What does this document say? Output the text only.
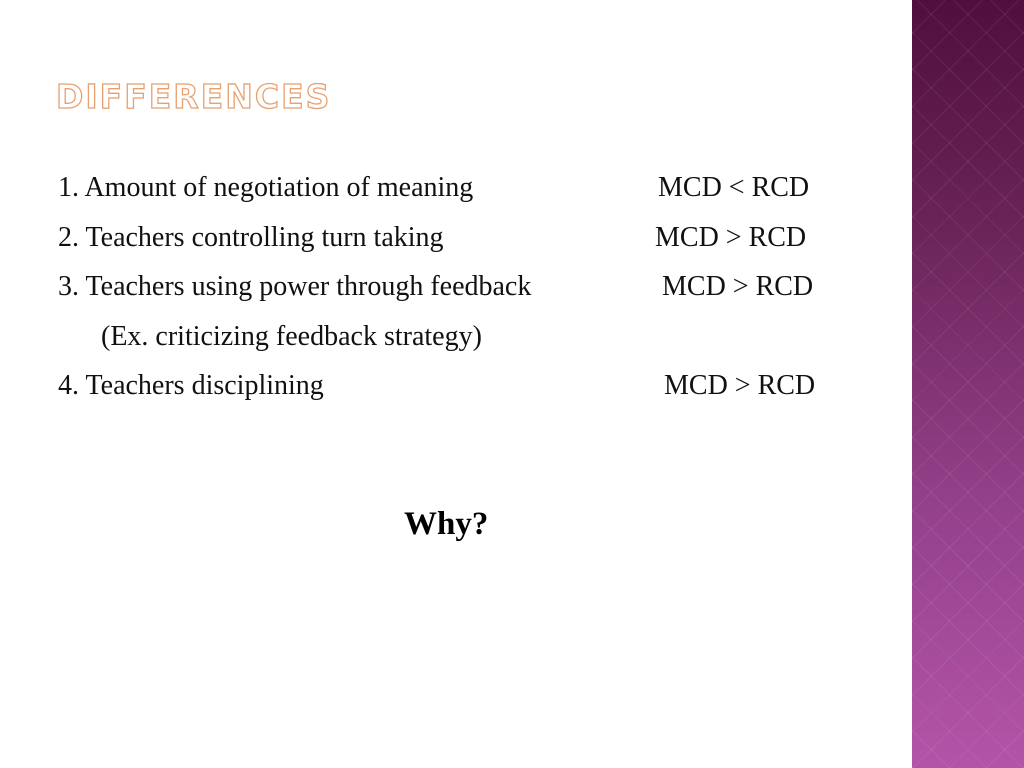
DIFFERENCES
1. Amount of negotiation of meaning	MCD < RCD
2. Teachers controlling turn taking	MCD > RCD
3. Teachers using power through feedback	MCD > RCD
(Ex. criticizing feedback strategy)
4. Teachers disciplining	MCD > RCD
Why?
